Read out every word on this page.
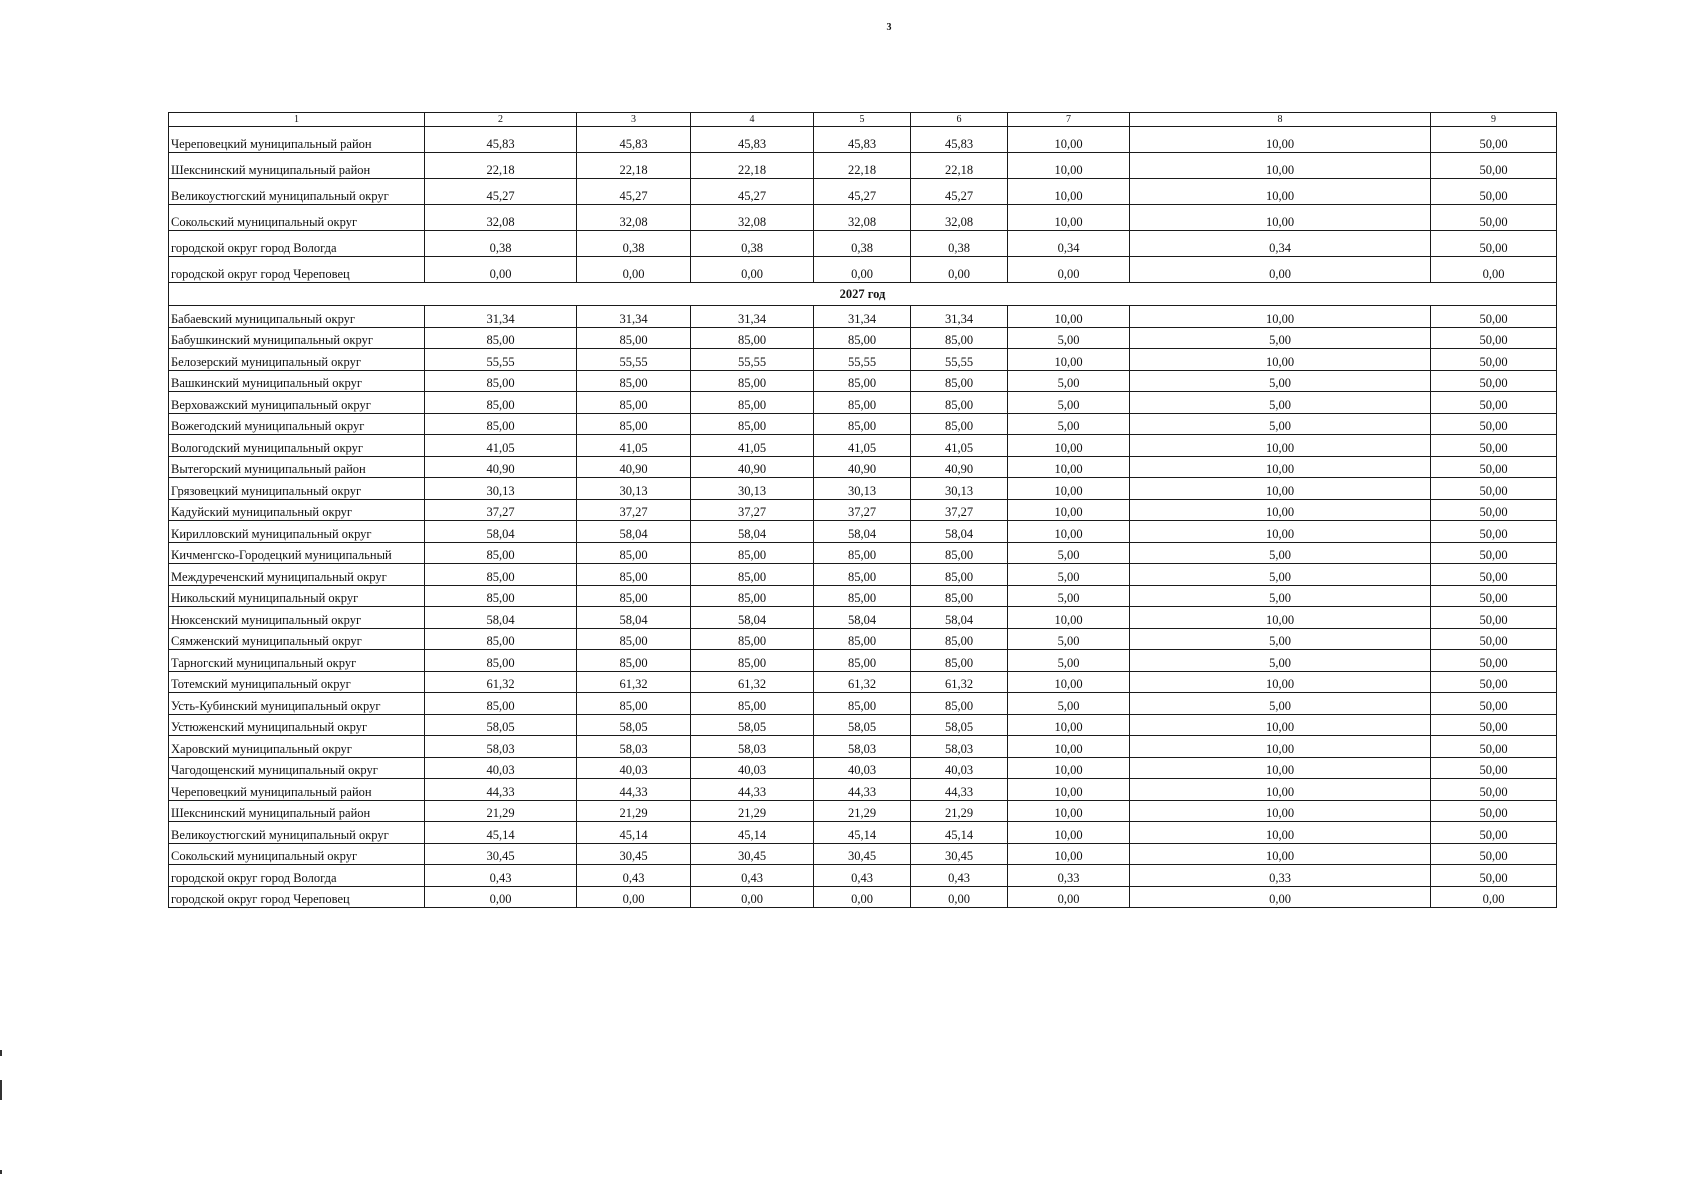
3
1	2	3	4	5	6	7	8	9
Череповецкий муниципальный район	45,83	45,83	45,83	45,83	45,83	10,00	10,00	50,00
Шекснинский муниципальный район	22,18	22,18	22,18	22,18	22,18	10,00	10,00	50,00
Великоустюгский муниципальный округ	45,27	45,27	45,27	45,27	45,27	10,00	10,00	50,00
Сокольский муниципальный округ	32,08	32,08	32,08	32,08	32,08	10,00	10,00	50,00
городской округ город Вологда	0,38	0,38	0,38	0,38	0,38	0,34	0,34	50,00
городской округ город Череповец	0,00	0,00	0,00	0,00	0,00	0,00	0,00	0,00
2027 год								
Бабаевский муниципальный округ	31,34	31,34	31,34	31,34	31,34	10,00	10,00	50,00
Бабушкинский муниципальный округ	85,00	85,00	85,00	85,00	85,00	5,00	5,00	50,00
Белозерский муниципальный округ	55,55	55,55	55,55	55,55	55,55	10,00	10,00	50,00
Вашкинский муниципальный округ	85,00	85,00	85,00	85,00	85,00	5,00	5,00	50,00
Верховажский муниципальный округ	85,00	85,00	85,00	85,00	85,00	5,00	5,00	50,00
Вожегодский муниципальный округ	85,00	85,00	85,00	85,00	85,00	5,00	5,00	50,00
Вологодский муниципальный округ	41,05	41,05	41,05	41,05	41,05	10,00	10,00	50,00
Вытегорский муниципальный район	40,90	40,90	40,90	40,90	40,90	10,00	10,00	50,00
Грязовецкий муниципальный округ	30,13	30,13	30,13	30,13	30,13	10,00	10,00	50,00
Кадуйский муниципальный округ	37,27	37,27	37,27	37,27	37,27	10,00	10,00	50,00
Кирилловский муниципальный округ	58,04	58,04	58,04	58,04	58,04	10,00	10,00	50,00
Кичменгско-Городецкий муниципальный	85,00	85,00	85,00	85,00	85,00	5,00	5,00	50,00
Междуреченский муниципальный округ	85,00	85,00	85,00	85,00	85,00	5,00	5,00	50,00
Никольский муниципальный округ	85,00	85,00	85,00	85,00	85,00	5,00	5,00	50,00
Нюксенский муниципальный округ	58,04	58,04	58,04	58,04	58,04	10,00	10,00	50,00
Сямженский муниципальный округ	85,00	85,00	85,00	85,00	85,00	5,00	5,00	50,00
Тарногский муниципальный округ	85,00	85,00	85,00	85,00	85,00	5,00	5,00	50,00
Тотемский муниципальный округ	61,32	61,32	61,32	61,32	61,32	10,00	10,00	50,00
Усть-Кубинский муниципальный округ	85,00	85,00	85,00	85,00	85,00	5,00	5,00	50,00
Устюженский муниципальный округ	58,05	58,05	58,05	58,05	58,05	10,00	10,00	50,00
Харовский муниципальный округ	58,03	58,03	58,03	58,03	58,03	10,00	10,00	50,00
Чагодощенский муниципальный округ	40,03	40,03	40,03	40,03	40,03	10,00	10,00	50,00
Череповецкий муниципальный район	44,33	44,33	44,33	44,33	44,33	10,00	10,00	50,00
Шекснинский муниципальный район	21,29	21,29	21,29	21,29	21,29	10,00	10,00	50,00
Великоустюгский муниципальный округ	45,14	45,14	45,14	45,14	45,14	10,00	10,00	50,00
Сокольский муниципальный округ	30,45	30,45	30,45	30,45	30,45	10,00	10,00	50,00
городской округ город Вологда	0,43	0,43	0,43	0,43	0,43	0,33	0,33	50,00
городской округ город Череповец	0,00	0,00	0,00	0,00	0,00	0,00	0,00	0,00
